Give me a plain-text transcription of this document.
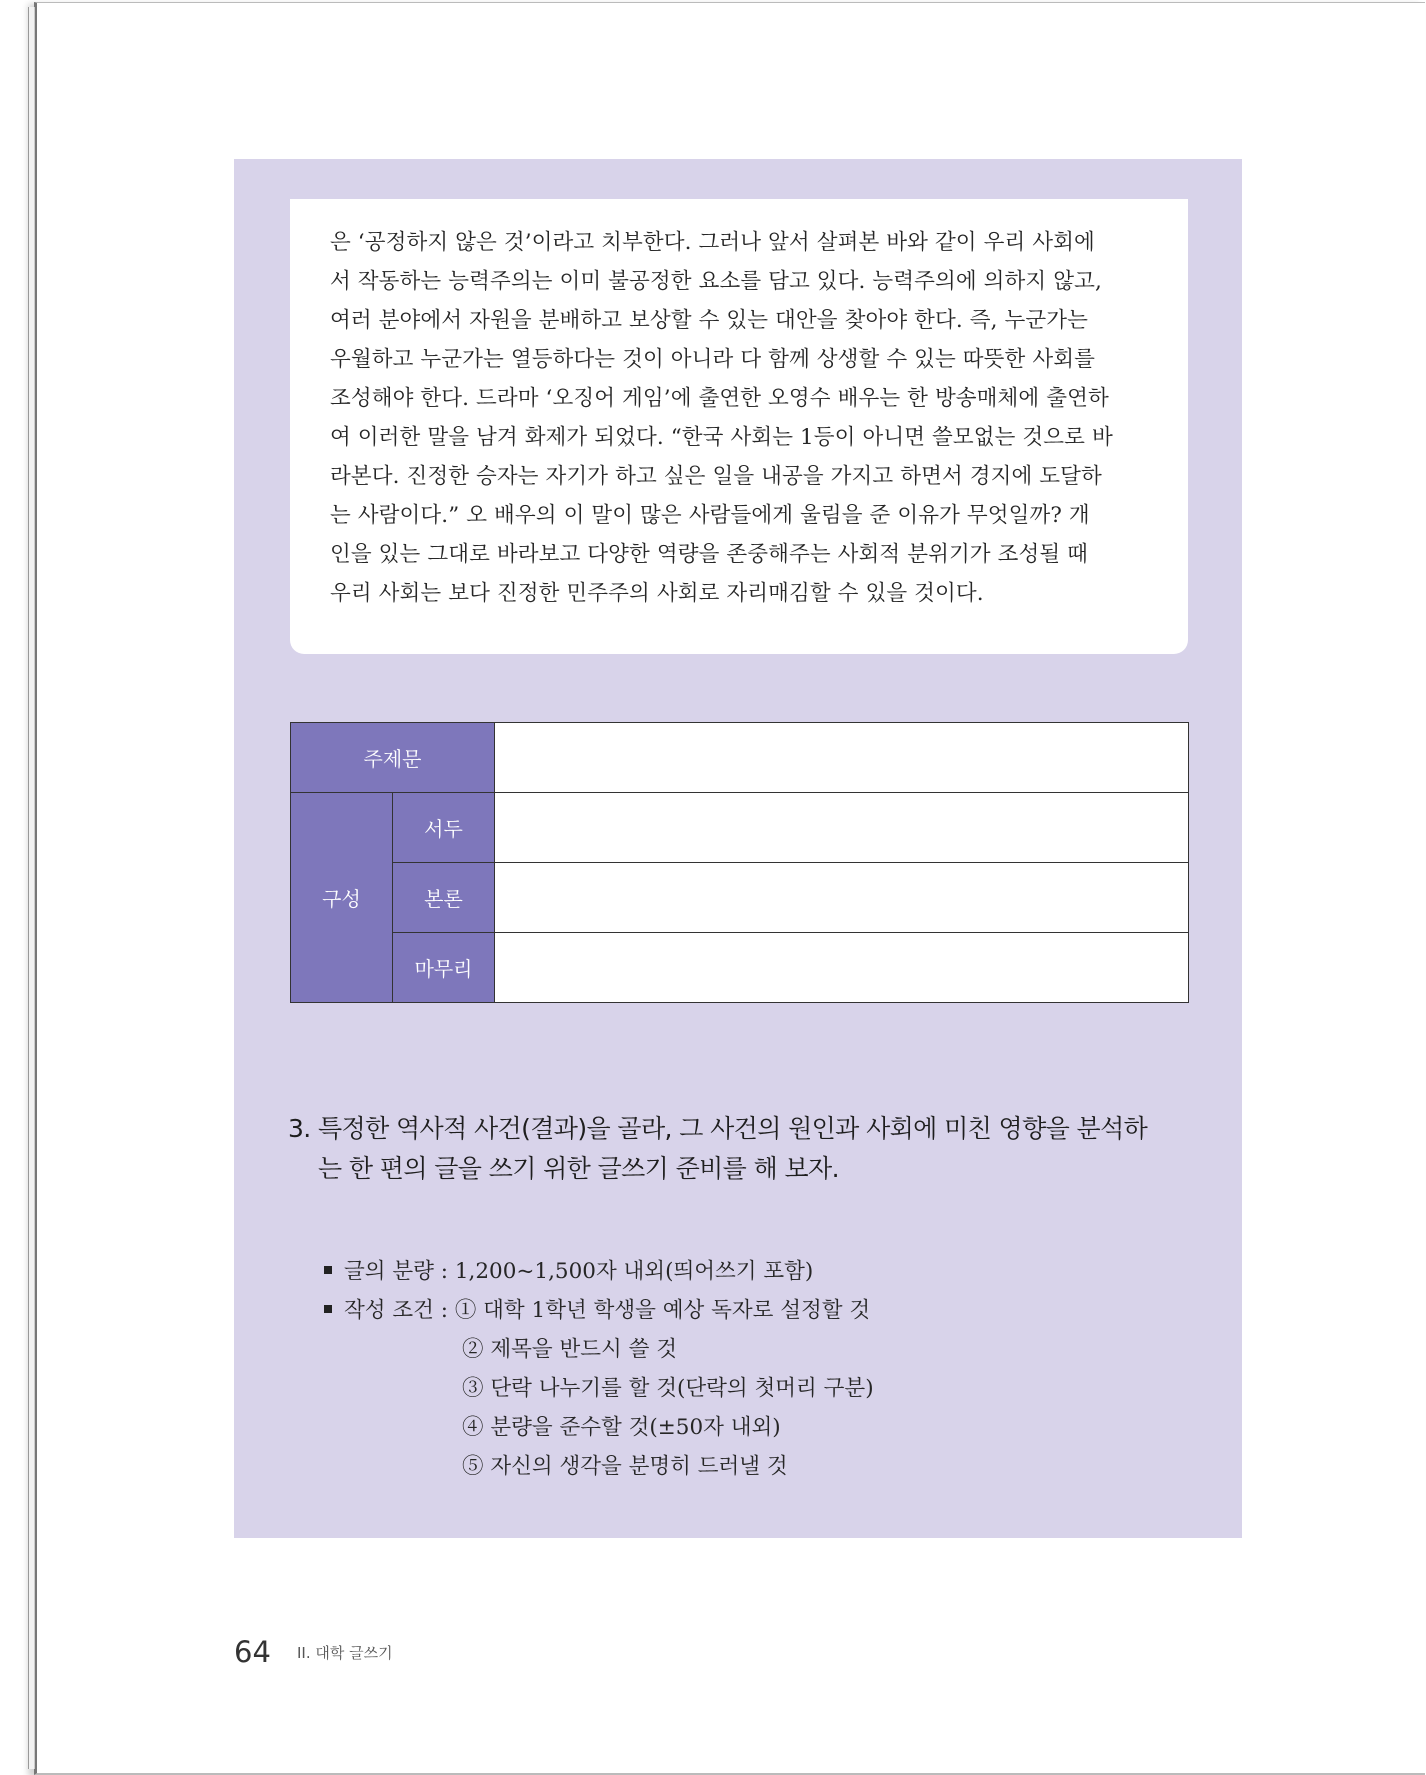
은 ‘공정하지 않은 것’이라고 치부한다. 그러나 앞서 살펴본 바와 같이 우리 사회에
서 작동하는 능력주의는 이미 불공정한 요소를 담고 있다. 능력주의에 의하지 않고,
여러 분야에서 자원을 분배하고 보상할 수 있는 대안을 찾아야 한다. 즉, 누군가는
우월하고 누군가는 열등하다는 것이 아니라 다 함께 상생할 수 있는 따뜻한 사회를
조성해야 한다. 드라마 ‘오징어 게임’에 출연한 오영수 배우는 한 방송매체에 출연하
여 이러한 말을 남겨 화제가 되었다. “한국 사회는 1등이 아니면 쓸모없는 것으로 바
라본다. 진정한 승자는 자기가 하고 싶은 일을 내공을 가지고 하면서 경지에 도달하
는 사람이다.” 오 배우의 이 말이 많은 사람들에게 울림을 준 이유가 무엇일까? 개
인을 있는 그대로 바라보고 다양한 역량을 존중해주는 사회적 분위기가 조성될 때
우리 사회는 보다 진정한 민주주의 사회로 자리매김할 수 있을 것이다.
주제문		
구성	서두	
	본론	
	마무리	
3. 특정한 역사적 사건(결과)을 골라, 그 사건의 원인과 사회에 미친 영향을 분석하
는 한 편의 글을 쓰기 위한 글쓰기 준비를 해 보자.
글의 분량 : 1,200~1,500자 내외(띄어쓰기 포함)
작성 조건 : ① 대학 1학년 학생을 예상 독자로 설정할 것
② 제목을 반드시 쓸 것
③ 단락 나누기를 할 것(단락의 첫머리 구분)
④ 분량을 준수할 것(±50자 내외)
⑤ 자신의 생각을 분명히 드러낼 것
64 II. 대학 글쓰기
